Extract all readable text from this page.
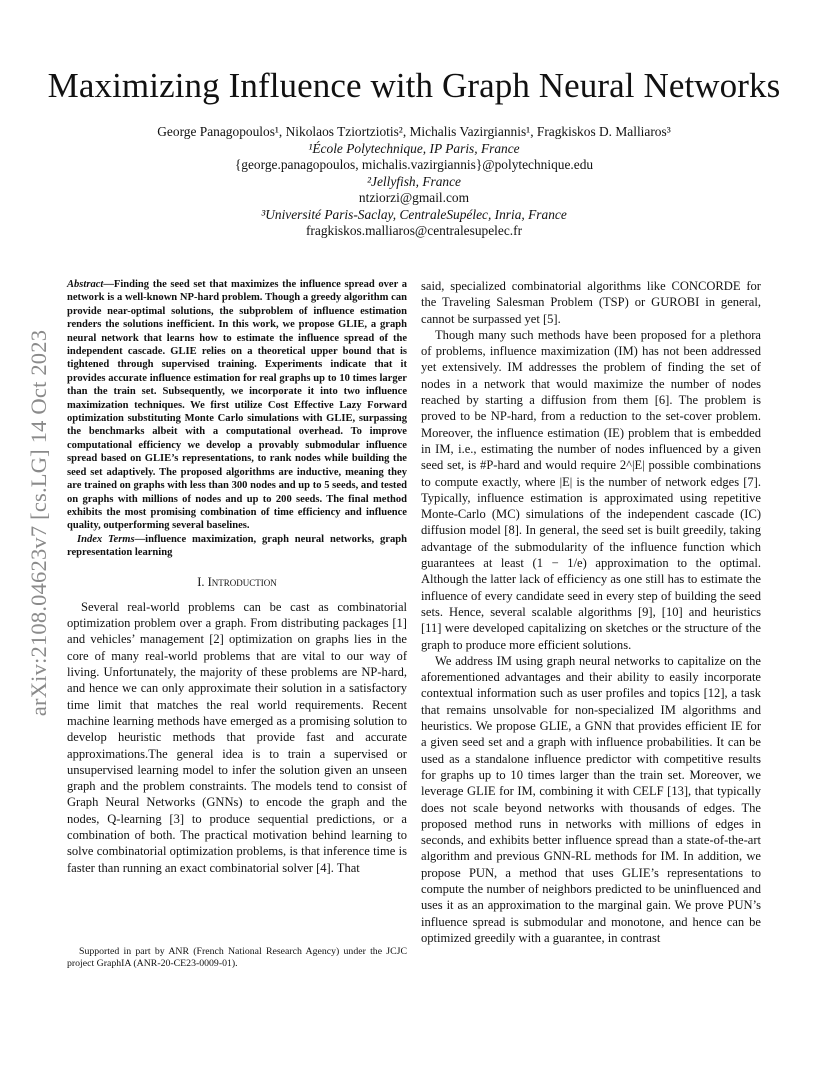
Maximizing Influence with Graph Neural Networks
George Panagopoulos¹, Nikolaos Tziortziotis², Michalis Vazirgiannis¹, Fragkiskos D. Malliaros³
¹École Polytechnique, IP Paris, France
{george.panagopoulos, michalis.vazirgiannis}@polytechnique.edu
²Jellyfish, France
ntziorzi@gmail.com
³Université Paris-Saclay, CentraleSupélec, Inria, France
fragkiskos.malliaros@centralesupelec.fr
arXiv:2108.04623v7 [cs.LG] 14 Oct 2023

Abstract—Finding the seed set that maximizes the influence spread over a network is a well-known NP-hard problem. Though a greedy algorithm can provide near-optimal solutions, the subproblem of influence estimation renders the solutions inefficient. In this work, we propose GLIE, a graph neural network that learns how to estimate the influence spread of the independent cascade. GLIE relies on a theoretical upper bound that is tightened through supervised training. Experiments indicate that it provides accurate influence estimation for real graphs up to 10 times larger than the train set. Subsequently, we incorporate it into two influence maximization techniques. We first utilize Cost Effective Lazy Forward optimization substituting Monte Carlo simulations with GLIE, surpassing the benchmarks albeit with a computational overhead. To improve computational efficiency we develop a provably submodular influence spread based on GLIE’s representations, to rank nodes while building the seed set adaptively. The proposed algorithms are inductive, meaning they are trained on graphs with less than 300 nodes and up to 5 seeds, and tested on graphs with millions of nodes and up to 200 seeds. The final method exhibits the most promising combination of time efficiency and influence quality, outperforming several baselines.

Index Terms—influence maximization, graph neural networks, graph representation learning

I. Introduction

Several real-world problems can be cast as combinatorial optimization problem over a graph. From distributing packages [1] and vehicles’ management [2] optimization on graphs lies in the core of many real-world problems that are vital to our way of living. Unfortunately, the majority of these problems are NP-hard, and hence we can only approximate their solution in a satisfactory time limit that matches the real world requirements. Recent machine learning methods have emerged as a promising solution to develop heuristic methods that provide fast and accurate approximations.The general idea is to train a supervised or unsupervised learning model to infer the solution given an unseen graph and the problem constraints. The models tend to consist of Graph Neural Networks (GNNs) to encode the graph and the nodes, Q-learning [3] to produce sequential predictions, or a combination of both. The practical motivation behind learning to solve combinatorial optimization problems, is that inference time is faster than running an exact combinatorial solver [4]. That

Supported in part by ANR (French National Research Agency) under the JCJC project GraphIA (ANR-20-CE23-0009-01).

said, specialized combinatorial algorithms like CONCORDE for the Traveling Salesman Problem (TSP) or GUROBI in general, cannot be surpassed yet [5].

Though many such methods have been proposed for a plethora of problems, influence maximization (IM) has not been addressed yet extensively. IM addresses the problem of finding the set of nodes in a network that would maximize the number of nodes reached by starting a diffusion from them [6]. The problem is proved to be NP-hard, from a reduction to the set-cover problem. Moreover, the influence estimation (IE) problem that is embedded in IM, i.e., estimating the number of nodes influenced by a given seed set, is #P-hard and would require 2^|E| possible combinations to compute exactly, where |E| is the number of network edges [7]. Typically, influence estimation is approximated using repetitive Monte-Carlo (MC) simulations of the independent cascade (IC) diffusion model [8]. In general, the seed set is built greedily, taking advantage of the submodularity of the influence function which guarantees at least (1 − 1/e) approximation to the optimal. Although the latter lack of efficiency as one still has to estimate the influence of every candidate seed in every step of building the seed sets. Hence, several scalable algorithms [9], [10] and heuristics [11] were developed capitalizing on sketches or the structure of the graph to produce more efficient solutions.

We address IM using graph neural networks to capitalize on the aforementioned advantages and their ability to easily incorporate contextual information such as user profiles and topics [12], a task that remains unsolvable for non-specialized IM algorithms and heuristics. We propose GLIE, a GNN that provides efficient IE for a given seed set and a graph with influence probabilities. It can be used as a standalone influence predictor with competitive results for graphs up to 10 times larger than the train set. Moreover, we leverage GLIE for IM, combining it with CELF [13], that typically does not scale beyond networks with thousands of edges. The proposed method runs in networks with millions of edges in seconds, and exhibits better influence spread than a state-of-the-art algorithm and previous GNN-RL methods for IM. In addition, we propose PUN, a method that uses GLIE’s representations to compute the number of neighbors predicted to be uninfluenced and uses it as an approximation to the marginal gain. We prove PUN’s influence spread is submodular and monotone, and hence can be optimized greedily with a guarantee, in contrast
